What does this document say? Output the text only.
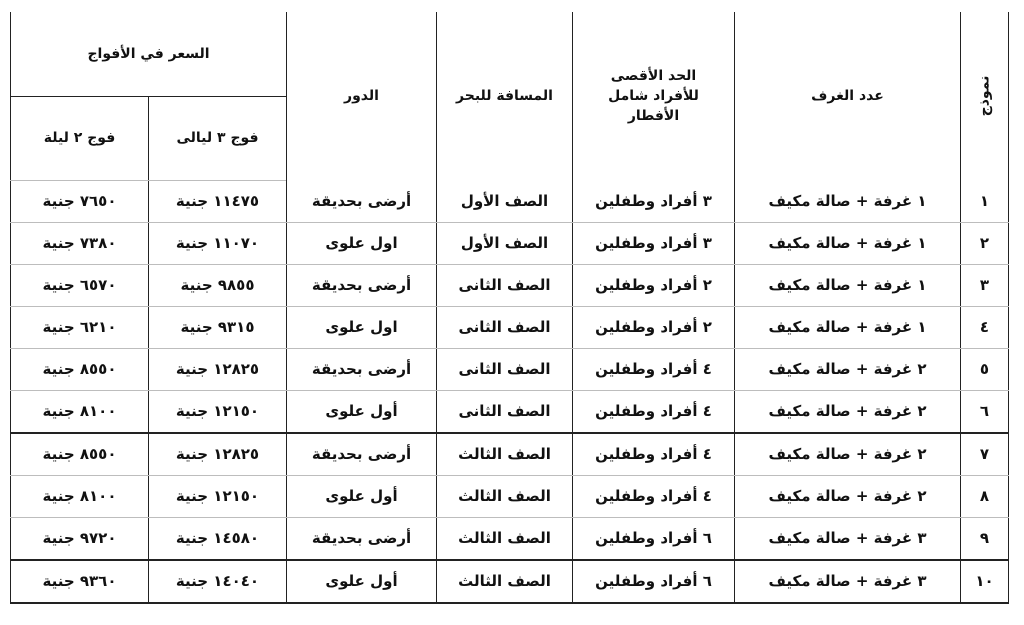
نموذج	عدد الغرف	الحد الأقصى للأفراد شامل الأفطار	المسافة للبحر	الدور	السعر في الأفواج	
					فوج ٣ ليالى	فوج ٢ ليلة
١	١ غرفة + صالة مكيف	٣ أفراد وطفلين	الصف الأول	أرضى بحديقة	١١٤٧٥ جنية	٧٦٥٠ جنية
٢	١ غرفة + صالة مكيف	٣ أفراد وطفلين	الصف الأول	اول علوى	١١٠٧٠ جنية	٧٣٨٠ جنية
٣	١ غرفة + صالة مكيف	٢ أفراد وطفلين	الصف الثانى	أرضى بحديقة	٩٨٥٥ جنية	٦٥٧٠ جنية
٤	١ غرفة + صالة مكيف	٢ أفراد وطفلين	الصف الثانى	اول علوى	٩٣١٥ جنية	٦٢١٠ جنية
٥	٢ غرفة + صالة مكيف	٤ أفراد وطفلين	الصف الثانى	أرضى بحديقة	١٢٨٢٥ جنية	٨٥٥٠ جنية
٦	٢ غرفة + صالة مكيف	٤ أفراد وطفلين	الصف الثانى	أول علوى	١٢١٥٠ جنية	٨١٠٠ جنية
٧	٢ غرفة + صالة مكيف	٤ أفراد وطفلين	الصف الثالث	أرضى بحديقة	١٢٨٢٥ جنية	٨٥٥٠ جنية
٨	٢ غرفة + صالة مكيف	٤ أفراد وطفلين	الصف الثالث	أول علوى	١٢١٥٠ جنية	٨١٠٠ جنية
٩	٣ غرفة + صالة مكيف	٦ أفراد وطفلين	الصف الثالث	أرضى بحديقة	١٤٥٨٠ جنية	٩٧٢٠ جنية
١٠	٣ غرفة + صالة مكيف	٦ أفراد وطفلين	الصف الثالث	أول علوى	١٤٠٤٠ جنية	٩٣٦٠ جنية
